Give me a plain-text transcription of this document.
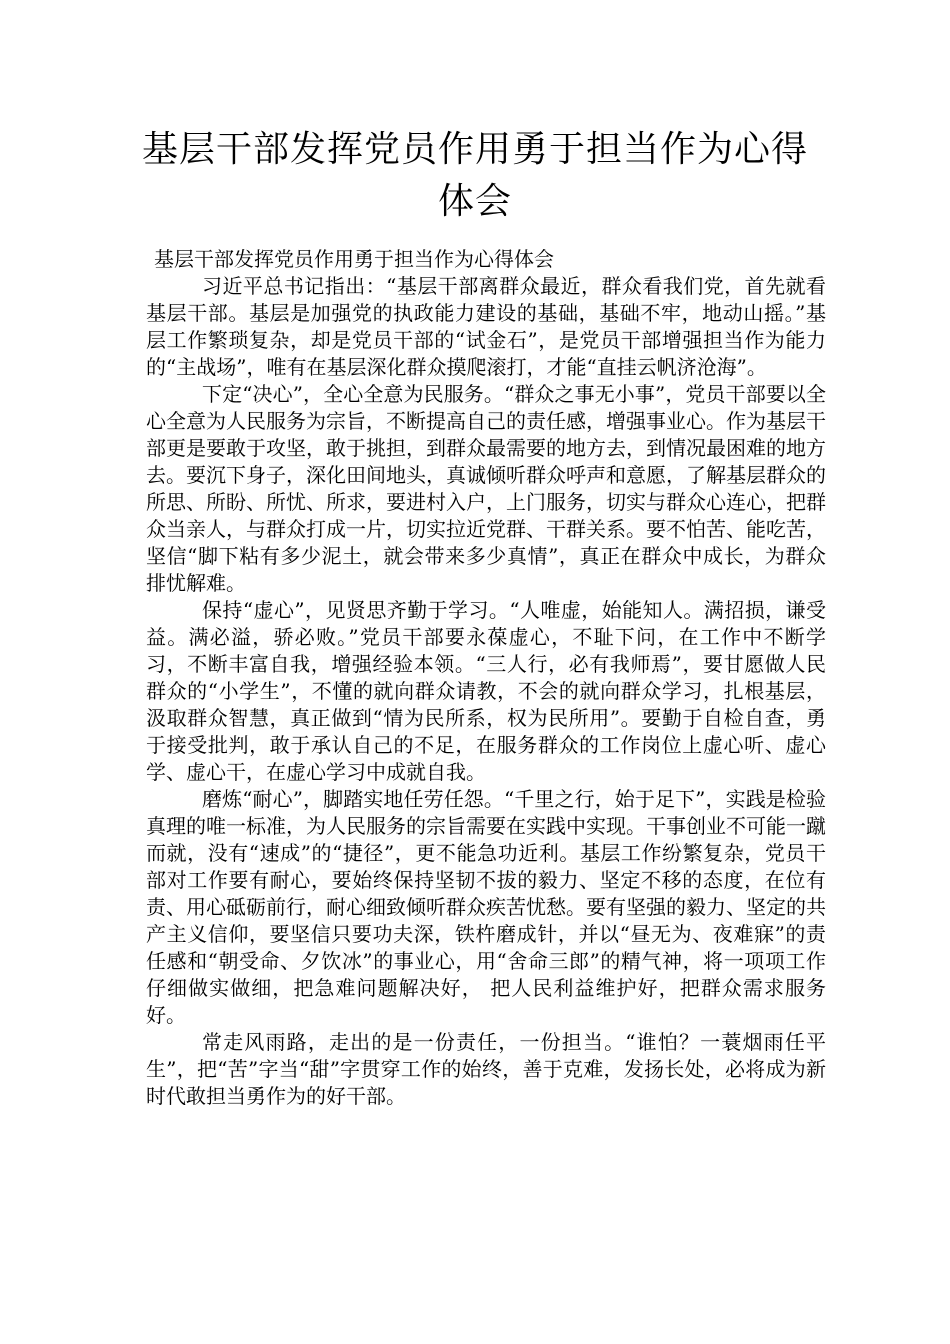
基层干部发挥党员作用勇于担当作为心得体会

基层干部发挥党员作用勇于担当作为心得体会

习近平总书记指出：“基层干部离群众最近，群众看我们党，首先就看基层干部。基层是加强党的执政能力建设的基础，基础不牢，地动山摇。”基层工作繁琐复杂，却是党员干部的“试金石”，是党员干部增强担当作为能力的“主战场”，唯有在基层深化群众摸爬滚打，才能“直挂云帆济沧海”。

下定“决心”，全心全意为民服务。“群众之事无小事”，党员干部要以全心全意为人民服务为宗旨，不断提高自己的责任感，增强事业心。作为基层干部更是要敢于攻坚，敢于挑担，到群众最需要的地方去，到情况最困难的地方去。要沉下身子，深化田间地头，真诚倾听群众呼声和意愿，了解基层群众的所思、所盼、所忧、所求，要进村入户，上门服务，切实与群众心连心，把群众当亲人，与群众打成一片，切实拉近党群、干群关系。要不怕苦、能吃苦，坚信“脚下粘有多少泥土，就会带来多少真情”，真正在群众中成长，为群众排忧解难。

保持“虚心”，见贤思齐勤于学习。“人唯虚，始能知人。满招损，谦受益。满必溢，骄必败。”党员干部要永葆虚心，不耻下问，在工作中不断学习，不断丰富自我，增强经验本领。“三人行，必有我师焉”，要甘愿做人民群众的“小学生”，不懂的就向群众请教，不会的就向群众学习，扎根基层，汲取群众智慧，真正做到“情为民所系，权为民所用”。要勤于自检自查，勇于接受批判，敢于承认自己的不足，在服务群众的工作岗位上虚心听、虚心学、虚心干，在虚心学习中成就自我。

磨炼“耐心”，脚踏实地任劳任怨。“千里之行，始于足下”，实践是检验真理的唯一标准，为人民服务的宗旨需要在实践中实现。干事创业不可能一蹴而就，没有“速成”的“捷径”，更不能急功近利。基层工作纷繁复杂，党员干部对工作要有耐心，要始终保持坚韧不拔的毅力、坚定不移的态度，在位有责、用心砥砺前行，耐心细致倾听群众疾苦忧愁。要有坚强的毅力、坚定的共产主义信仰，要坚信只要功夫深，铁杵磨成针，并以“昼无为、夜难寐”的责任感和“朝受命、夕饮冰”的事业心，用“舍命三郎”的精气神，将一项项工作仔细做实做细，把急难问题解决好， 把人民利益维护好，把群众需求服务好。

常走风雨路，走出的是一份责任，一份担当。“谁怕？一蓑烟雨任平生”，把“苦”字当“甜”字贯穿工作的始终，善于克难，发扬长处，必将成为新时代敢担当勇作为的好干部。
